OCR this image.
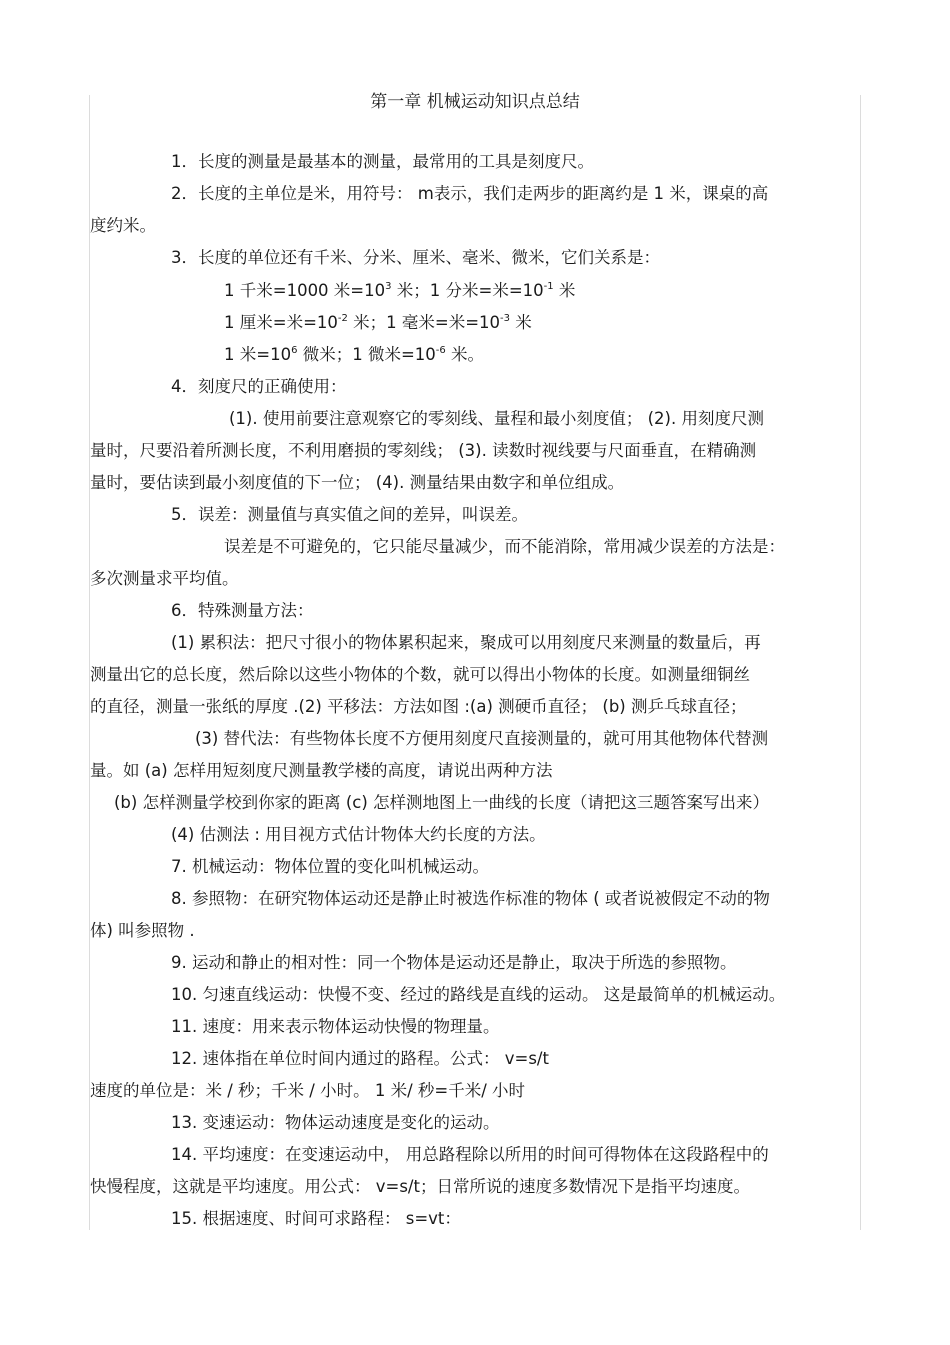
第一章 机械运动知识点总结
1．长度的测量是最基本的测量，最常用的工具是刻度尺。
2．长度的主单位是米，用符号： m表示，我们走两步的距离约是 1 米，课桌的高
度约米。
3．长度的单位还有千米、分米、厘米、毫米、微米，它们关系是：
1 千米=1000 米$=10^3$ 米；1 分米=米$=10^{-1}$ 米
1 厘米=米$=10^{-2}$ 米；1 毫米=米$=10^{-3}$ 米
1 米$=10^6$ 微米；1 微米$=10^{-6}$ 米。
4．刻度尺的正确使用：
(1). 使用前要注意观察它的零刻线、量程和最小刻度值； (2). 用刻度尺测
量时，尺要沿着所测长度，不利用磨损的零刻线； (3). 读数时视线要与尺面垂直，在精确测
量时，要估读到最小刻度值的下一位； (4). 测量结果由数字和单位组成。
5．误差：测量值与真实值之间的差异，叫误差。
误差是不可避免的，它只能尽量减少，而不能消除，常用减少误差的方法是：
多次测量求平均值。
6．特殊测量方法：
(1) 累积法：把尺寸很小的物体累积起来，聚成可以用刻度尺来测量的数量后，再
测量出它的总长度，然后除以这些小物体的个数，就可以得出小物体的长度。如测量细铜丝
的直径，测量一张纸的厚度 .(2) 平移法：方法如图 :(a) 测硬币直径； (b) 测乒乓球直径；
(3) 替代法：有些物体长度不方便用刻度尺直接测量的，就可用其他物体代替测
量。如 (a) 怎样用短刻度尺测量教学楼的高度，请说出两种方法
(b) 怎样测量学校到你家的距离 (c) 怎样测地图上一曲线的长度（请把这三题答案写出来）
(4) 估测法 : 用目视方式估计物体大约长度的方法。
7. 机械运动：物体位置的变化叫机械运动。
8. 参照物：在研究物体运动还是静止时被选作标准的物体 ( 或者说被假定不动的物
体) 叫参照物 .
9. 运动和静止的相对性：同一个物体是运动还是静止，取决于所选的参照物。
10. 匀速直线运动：快慢不变、经过的路线是直线的运动。 这是最简单的机械运动。
11. 速度：用来表示物体运动快慢的物理量。
12. 速体指在单位时间内通过的路程。公式： v=s/t
速度的单位是：米 / 秒；千米 / 小时。 1 米/ 秒=千米/ 小时
13. 变速运动：物体运动速度是变化的运动。
14. 平均速度：在变速运动中， 用总路程除以所用的时间可得物体在这段路程中的
快慢程度，这就是平均速度。用公式： v=s/t；日常所说的速度多数情况下是指平均速度。
15. 根据速度、时间可求路程： s=vt：
